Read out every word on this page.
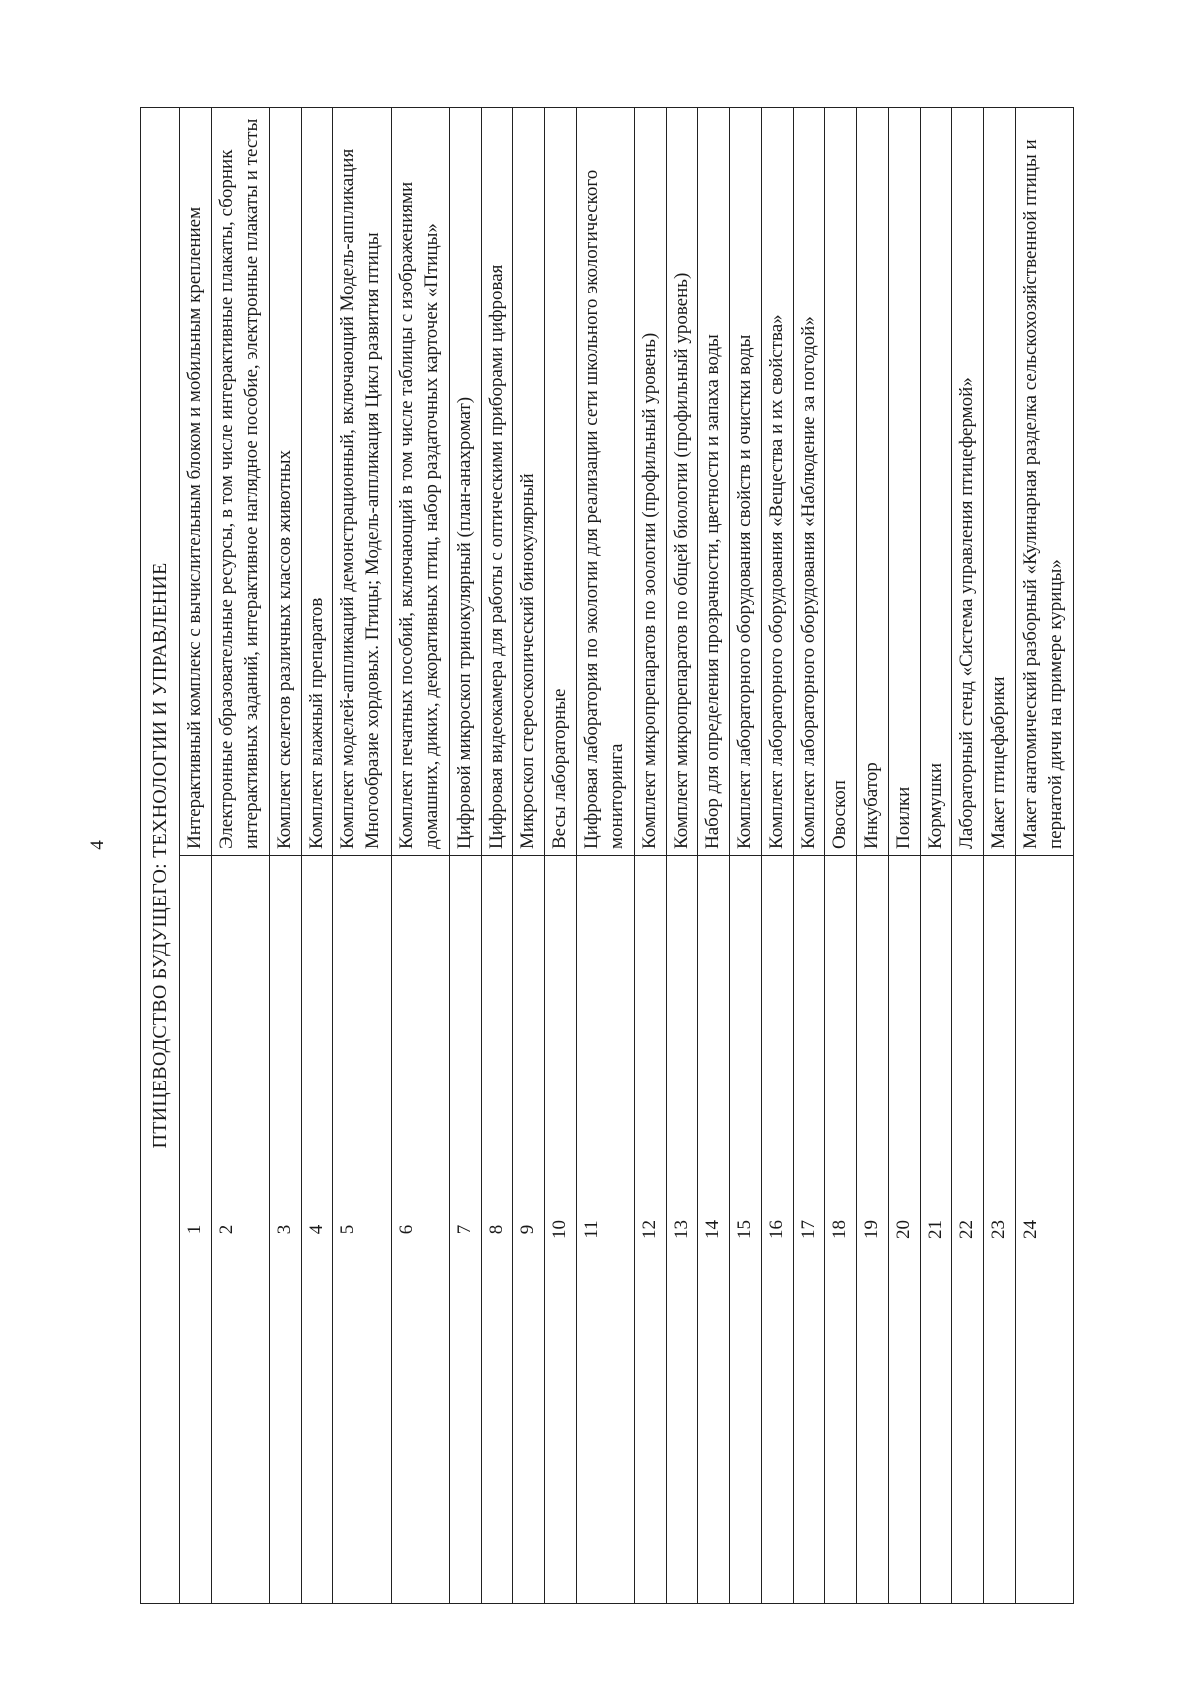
4 ПТИЦЕВОДСТВО БУДУЩЕГО: ТЕХНОЛОГИИ И УПРАВЛЕНИЕ	
1	Интерактивный комплекс с вычислительным блоком и мобильным креплением
2	Электронные образовательные ресурсы, в том числе интерактивные плакаты, сборник интерактивных заданий, интерактивное наглядное пособие, электронные плакаты и тесты
3	Комплект скелетов различных классов животных
4	Комплект влажный препаратов
5	Комплект моделей-аппликаций демонстрационный, включающий Модель-аппликация Многообразие хордовых. Птицы; Модель-аппликация Цикл развития птицы
6	Комплект печатных пособий, включающий в том числе таблицы с изображениями домашних, диких, декоративных птиц, набор раздаточных карточек «Птицы»
7	Цифровой микроскоп тринокулярный (план-анахромат)
8	Цифровая видеокамера для работы с оптическими приборами цифровая
9	Микроскоп стереоскопический бинокулярный
10	Весы лабораторные
11	Цифровая лаборатория по экологии для реализации сети школьного экологического мониторинга
12	Комплект микропрепаратов по зоологии (профильный уровень)
13	Комплект микропрепаратов по общей биологии (профильный уровень)
14	Набор для определения прозрачности, цветности и запаха воды
15	Комплект лабораторного оборудования свойств и очистки воды
16	Комплект лабораторного оборудования «Вещества и их свойства»
17	Комплект лабораторного оборудования «Наблюдение за погодой»
18	Овоскоп
19	Инкубатор
20	Поилки
21	Кормушки
22	Лабораторный стенд «Система управления птицефермой»
23	Макет птицефабрики
24	Макет анатомический разборный «Кулинарная разделка сельскохозяйственной птицы и пернатой дичи на примере курицы»
